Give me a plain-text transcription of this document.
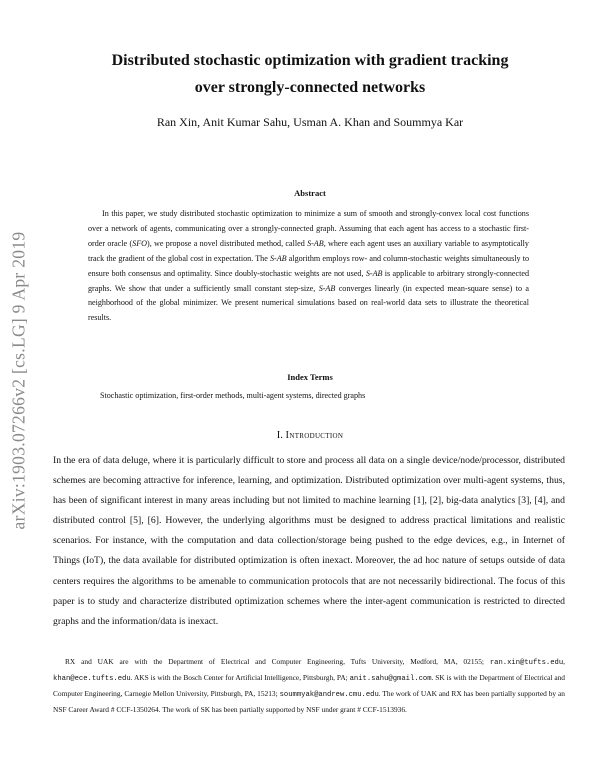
arXiv:1903.07266v2 [cs.LG] 9 Apr 2019
Distributed stochastic optimization with gradient tracking
over strongly-connected networks
Ran Xin, Anit Kumar Sahu, Usman A. Khan and Soummya Kar
Abstract

In this paper, we study distributed stochastic optimization to minimize a sum of smooth and strongly-convex local cost functions over a network of agents, communicating over a strongly-connected graph. Assuming that each agent has access to a stochastic first-order oracle (SFO), we propose a novel distributed method, called S-AB, where each agent uses an auxiliary variable to asymptotically track the gradient of the global cost in expectation. The S-AB algorithm employs row- and column-stochastic weights simultaneously to ensure both consensus and optimality. Since doubly-stochastic weights are not used, S-AB is applicable to arbitrary strongly-connected graphs. We show that under a sufficiently small constant step-size, S-AB converges linearly (in expected mean-square sense) to a neighborhood of the global minimizer. We present numerical simulations based on real-world data sets to illustrate the theoretical results.

Index Terms
Stochastic optimization, first-order methods, multi-agent systems, directed graphs
I. Introduction

In the era of data deluge, where it is particularly difficult to store and process all data on a single device/node/processor, distributed schemes are becoming attractive for inference, learning, and optimization. Distributed optimization over multi-agent systems, thus, has been of significant interest in many areas including but not limited to machine learning [1], [2], big-data analytics [3], [4], and distributed control [5], [6]. However, the underlying algorithms must be designed to address practical limitations and realistic scenarios. For instance, with the computation and data collection/storage being pushed to the edge devices, e.g., in Internet of Things (IoT), the data available for distributed optimization is often inexact. Moreover, the ad hoc nature of setups outside of data centers requires the algorithms to be amenable to communication protocols that are not necessarily bidirectional. The focus of this paper is to study and characterize distributed optimization schemes where the inter-agent communication is restricted to directed graphs and the information/data is inexact.

RX and UAK are with the Department of Electrical and Computer Engineering, Tufts University, Medford, MA, 02155; ran.xin@tufts.edu, khan@ece.tufts.edu. AKS is with the Bosch Center for Artificial Intelligence, Pittsburgh, PA; anit.sahu@gmail.com. SK is with the Department of Electrical and Computer Engineering, Carnegie Mellon University, Pittsburgh, PA, 15213; soummyak@andrew.cmu.edu. The work of UAK and RX has been partially supported by an NSF Career Award # CCF-1350264. The work of SK has been partially supported by NSF under grant # CCF-1513936.
